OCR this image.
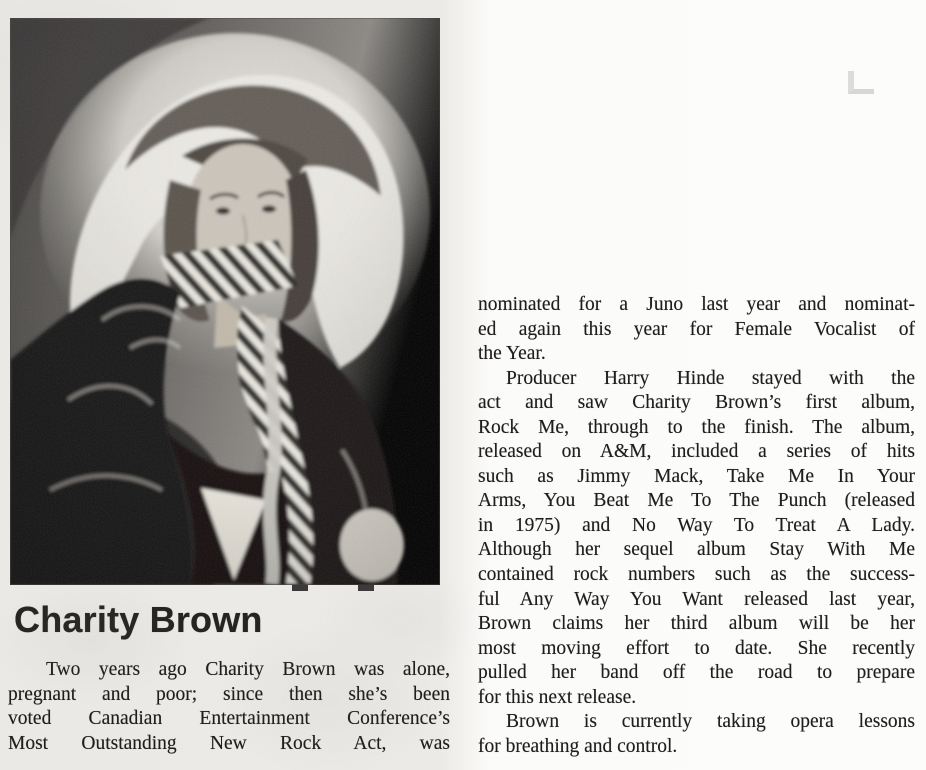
Charity Brown
Two years ago Charity Brown was alone,
pregnant and poor; since then she’s been
voted Canadian Entertainment Conference’s
Most Outstanding New Rock Act, was
nominated for a Juno last year and nominat-
ed again this year for Female Vocalist of
the Year.
Producer Harry Hinde stayed with the
act and saw Charity Brown’s first album,
Rock Me, through to the finish. The album,
released on A&M, included a series of hits
such as Jimmy Mack, Take Me In Your
Arms, You Beat Me To The Punch (released
in 1975) and No Way To Treat A Lady.
Although her sequel album Stay With Me
contained rock numbers such as the success-
ful Any Way You Want released last year,
Brown claims her third album will be her
most moving effort to date. She recently
pulled her band off the road to prepare
for this next release.
Brown is currently taking opera lessons
for breathing and control.
